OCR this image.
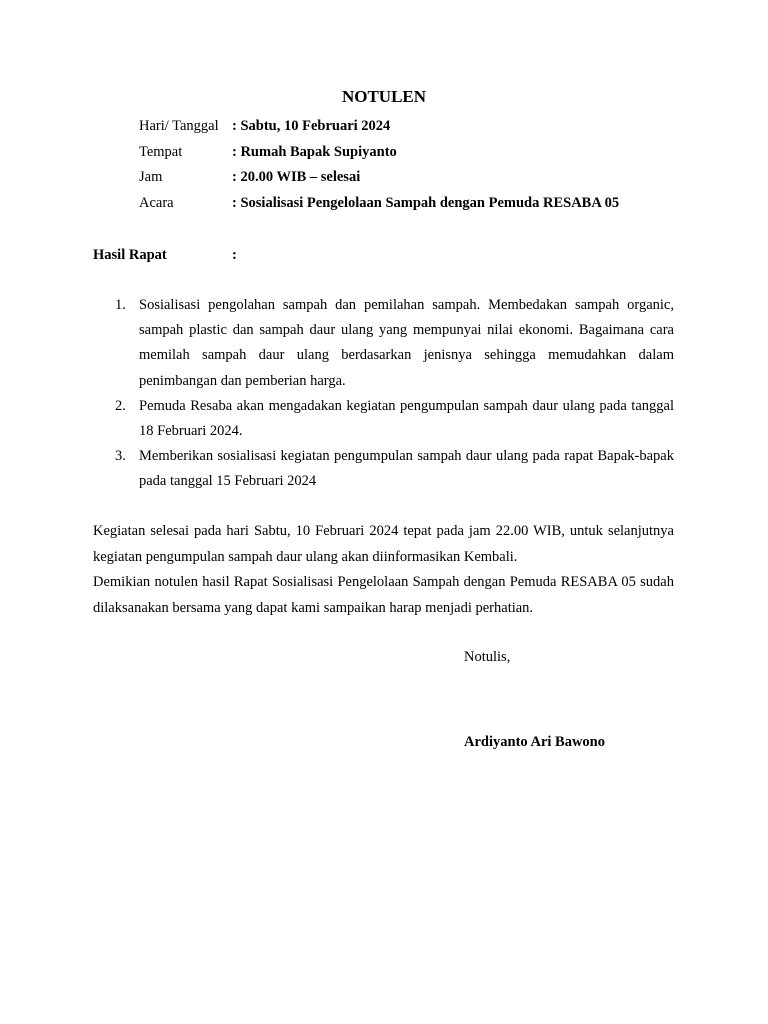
NOTULEN
Hari/ Tanggal : Sabtu, 10 Februari 2024
Tempat	: Rumah Bapak Supiyanto
Jam	: 20.00 WIB – selesai
Acara	: Sosialisasi Pengelolaan Sampah dengan Pemuda RESABA 05
Hasil Rapat	:
1. Sosialisasi pengolahan sampah dan pemilahan sampah. Membedakan sampah organic, sampah plastic dan sampah daur ulang yang mempunyai nilai ekonomi. Bagaimana cara memilah sampah daur ulang berdasarkan jenisnya sehingga memudahkan dalam penimbangan dan pemberian harga.
2. Pemuda Resaba akan mengadakan kegiatan pengumpulan sampah daur ulang pada tanggal 18 Februari 2024.
3. Memberikan sosialisasi kegiatan pengumpulan sampah daur ulang pada rapat Bapak-bapak pada tanggal 15 Februari 2024

Kegiatan selesai pada hari Sabtu, 10 Februari 2024 tepat pada jam 22.00 WIB, untuk selanjutnya kegiatan pengumpulan sampah daur ulang akan diinformasikan Kembali.

Demikian notulen hasil Rapat Sosialisasi Pengelolaan Sampah dengan Pemuda RESABA 05 sudah dilaksanakan bersama yang dapat kami sampaikan harap menjadi perhatian.

Notulis,
Ardiyanto Ari Bawono
